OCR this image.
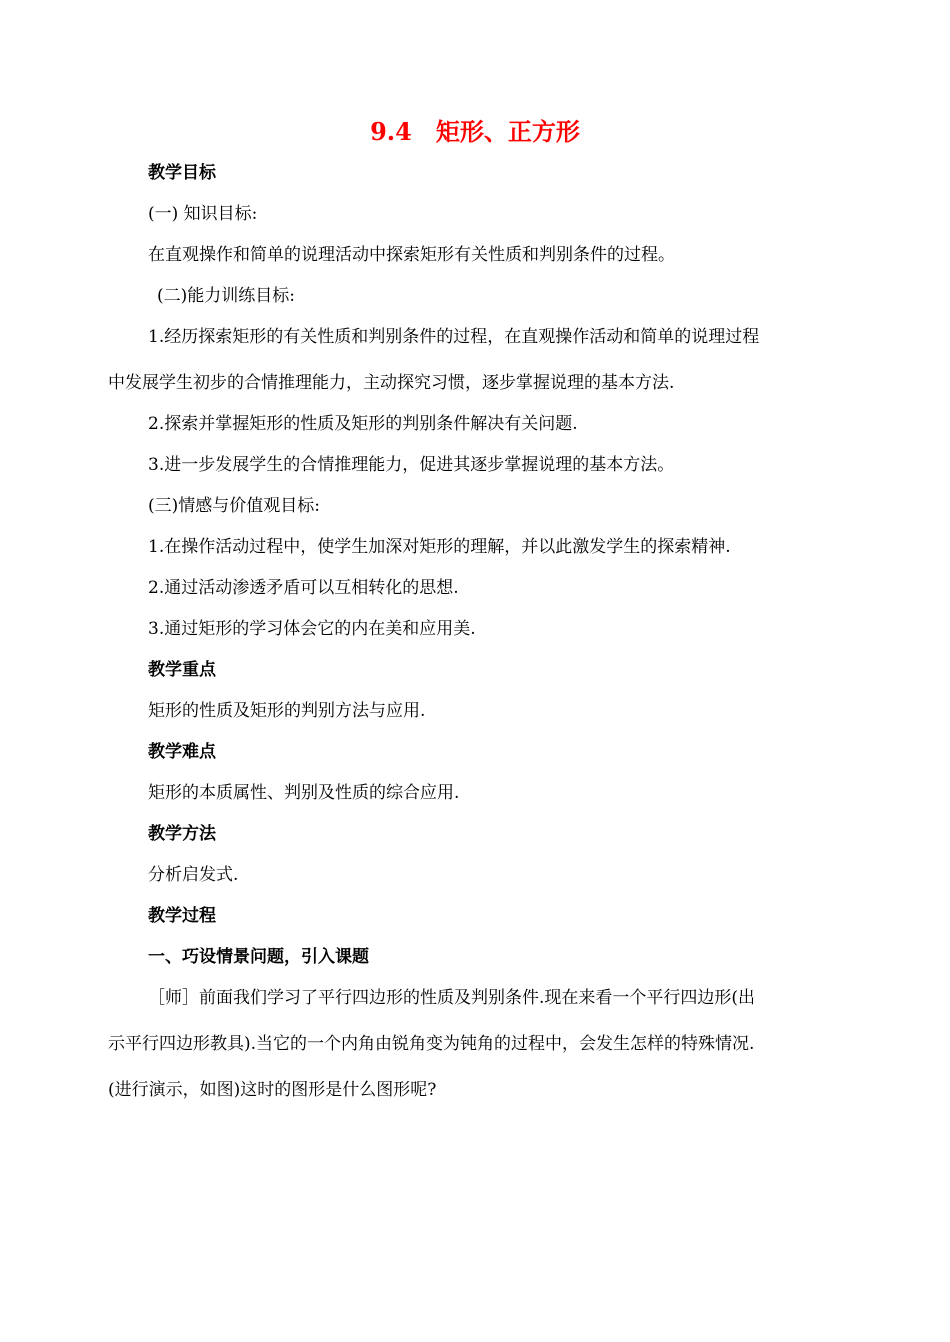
9.4　矩形、正方形
教学目标
(一) 知识目标:
在直观操作和简单的说理活动中探索矩形有关性质和判别条件的过程。
(二)能力训练目标:
1.经历探索矩形的有关性质和判别条件的过程，在直观操作活动和简单的说理过程
中发展学生初步的合情推理能力，主动探究习惯，逐步掌握说理的基本方法.
2.探索并掌握矩形的性质及矩形的判别条件解决有关问题.
3.进一步发展学生的合情推理能力，促进其逐步掌握说理的基本方法。
(三)情感与价值观目标:
1.在操作活动过程中，使学生加深对矩形的理解，并以此激发学生的探索精神.
2.通过活动渗透矛盾可以互相转化的思想.
3.通过矩形的学习体会它的内在美和应用美.
教学重点
矩形的性质及矩形的判别方法与应用.
教学难点
矩形的本质属性、判别及性质的综合应用.
教学方法
分析启发式.
教学过程
一、巧设情景问题，引入课题
［师］前面我们学习了平行四边形的性质及判别条件.现在来看一个平行四边形(出
示平行四边形教具).当它的一个内角由锐角变为钝角的过程中，会发生怎样的特殊情况.
(进行演示，如图)这时的图形是什么图形呢?
